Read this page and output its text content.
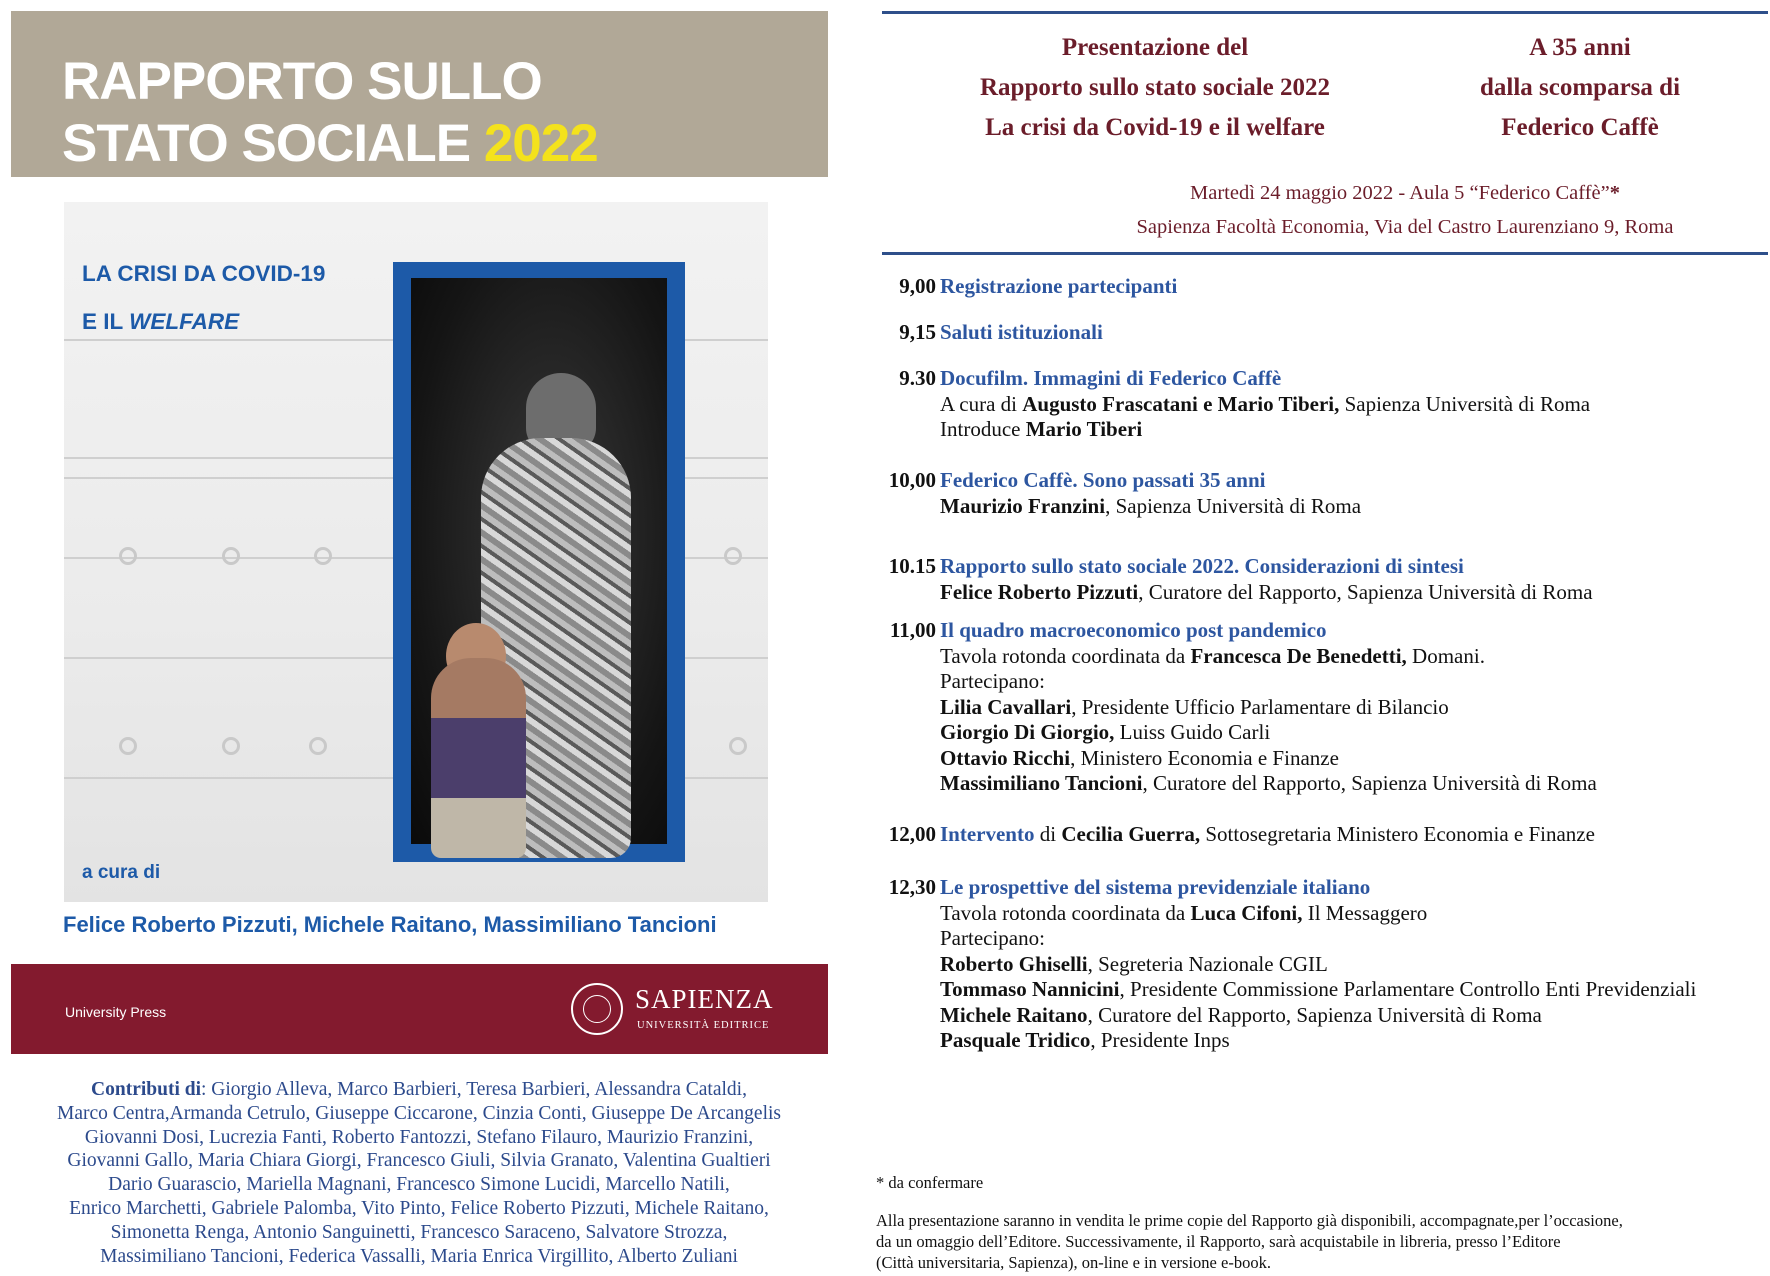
RAPPORTO SULLO
STATO SOCIALE 2022
LA CRISI DA COVID-19
E IL WELFARE
a cura di
Felice Roberto Pizzuti, Michele Raitano, Massimiliano Tancioni
University Press	SAPIENZA
UNIVERSITÀ EDITRICE

Contributi di: Giorgio Alleva, Marco Barbieri, Teresa Barbieri, Alessandra Cataldi,
Marco Centra,Armanda Cetrulo, Giuseppe Ciccarone, Cinzia Conti, Giuseppe De Arcangelis
Giovanni Dosi, Lucrezia Fanti, Roberto Fantozzi, Stefano Filauro, Maurizio Franzini,
Giovanni Gallo, Maria Chiara Giorgi, Francesco Giuli, Silvia Granato, Valentina Gualtieri
Dario Guarascio, Mariella Magnani, Francesco Simone Lucidi, Marcello Natili,
Enrico Marchetti, Gabriele Palomba, Vito Pinto, Felice Roberto Pizzuti, Michele Raitano,
Simonetta Renga, Antonio Sanguinetti, Francesco Saraceno, Salvatore Strozza,
Massimiliano Tancioni, Federica Vassalli, Maria Enrica Virgillito, Alberto Zuliani

Presentazione del
Rapporto sullo stato sociale 2022
La crisi da Covid-19 e il welfare

A 35 anni
dalla scomparsa di
Federico Caffè

Martedì 24 maggio 2022 - Aula 5 “Federico Caffè”*
Sapienza Facoltà Economia, Via del Castro Laurenziano 9, Roma
9,00 Registrazione partecipanti
9,15 Saluti istituzionali
9.30 Docufilm. Immagini di Federico Caffè
A cura di Augusto Frascatani e Mario Tiberi, Sapienza Università di Roma
Introduce Mario Tiberi
10,00 Federico Caffè. Sono passati 35 anni
Maurizio Franzini, Sapienza Università di Roma
10.15 Rapporto sullo stato sociale 2022. Considerazioni di sintesi
Felice Roberto Pizzuti, Curatore del Rapporto, Sapienza Università di Roma
11,00 Il quadro macroeconomico post pandemico
Tavola rotonda coordinata da Francesca De Benedetti, Domani.
Partecipano:
Lilia Cavallari, Presidente Ufficio Parlamentare di Bilancio
Giorgio Di Giorgio, Luiss Guido Carli
Ottavio Ricchi, Ministero Economia e Finanze
Massimiliano Tancioni, Curatore del Rapporto, Sapienza Università di Roma
12,00 Intervento di Cecilia Guerra, Sottosegretaria Ministero Economia e Finanze
12,30 Le prospettive del sistema previdenziale italiano
Tavola rotonda coordinata da Luca Cifoni, Il Messaggero
Partecipano:
Roberto Ghiselli, Segreteria Nazionale CGIL
Tommaso Nannicini, Presidente Commissione Parlamentare Controllo Enti Previdenziali
Michele Raitano, Curatore del Rapporto, Sapienza Università di Roma
Pasquale Tridico, Presidente Inps
* da confermare

Alla presentazione saranno in vendita le prime copie del Rapporto già disponibili, accompagnate,per l’occasione,
da un omaggio dell’Editore. Successivamente, il Rapporto, sarà acquistabile in libreria, presso l’Editore
(Città universitaria, Sapienza), on-line e in versione e-book.
